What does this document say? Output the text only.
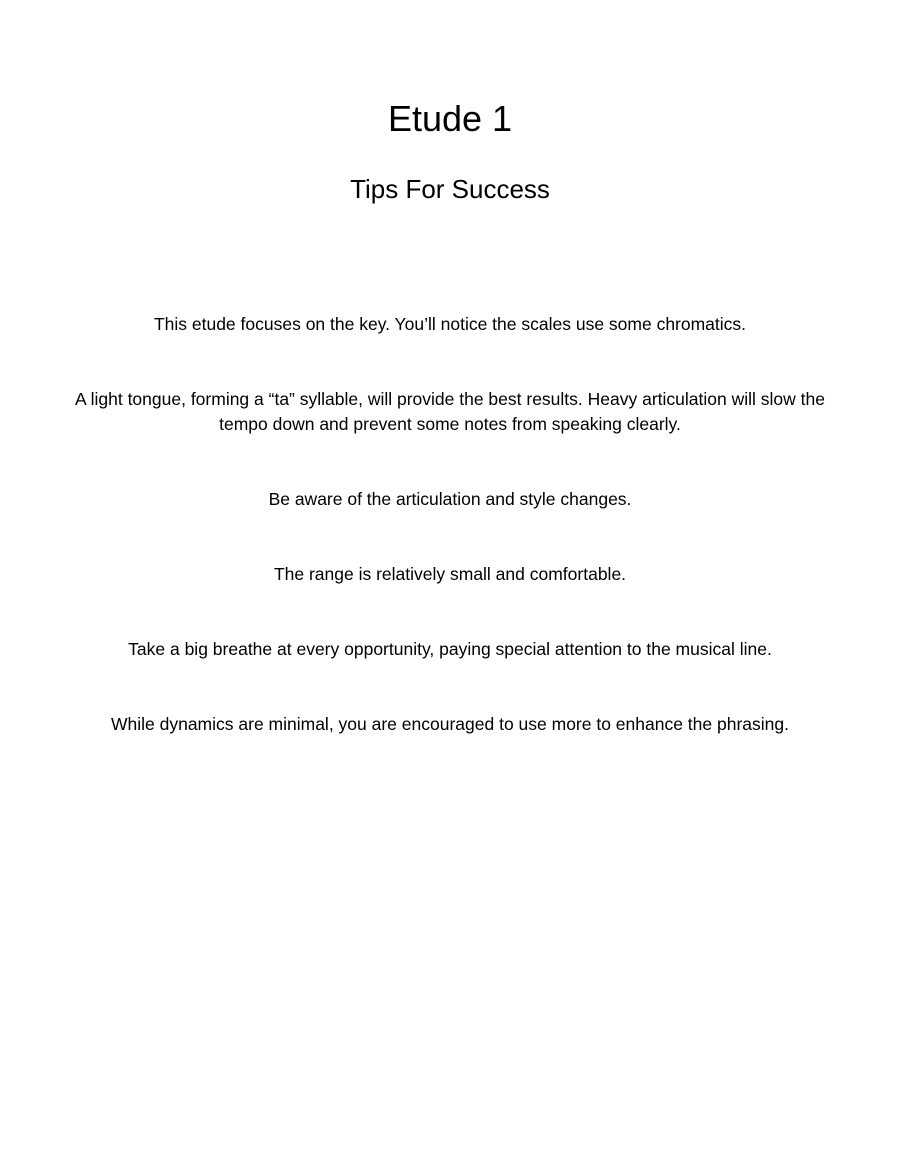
Etude 1
Tips For Success
This etude focuses on the key. You’ll notice the scales use some chromatics.
A light tongue, forming a “ta” syllable, will provide the best results. Heavy articulation will slow the tempo down and prevent some notes from speaking clearly.
Be aware of the articulation and style changes.
The range is relatively small and comfortable.
Take a big breathe at every opportunity, paying special attention to the musical line.
While dynamics are minimal, you are encouraged to use more to enhance the phrasing.
